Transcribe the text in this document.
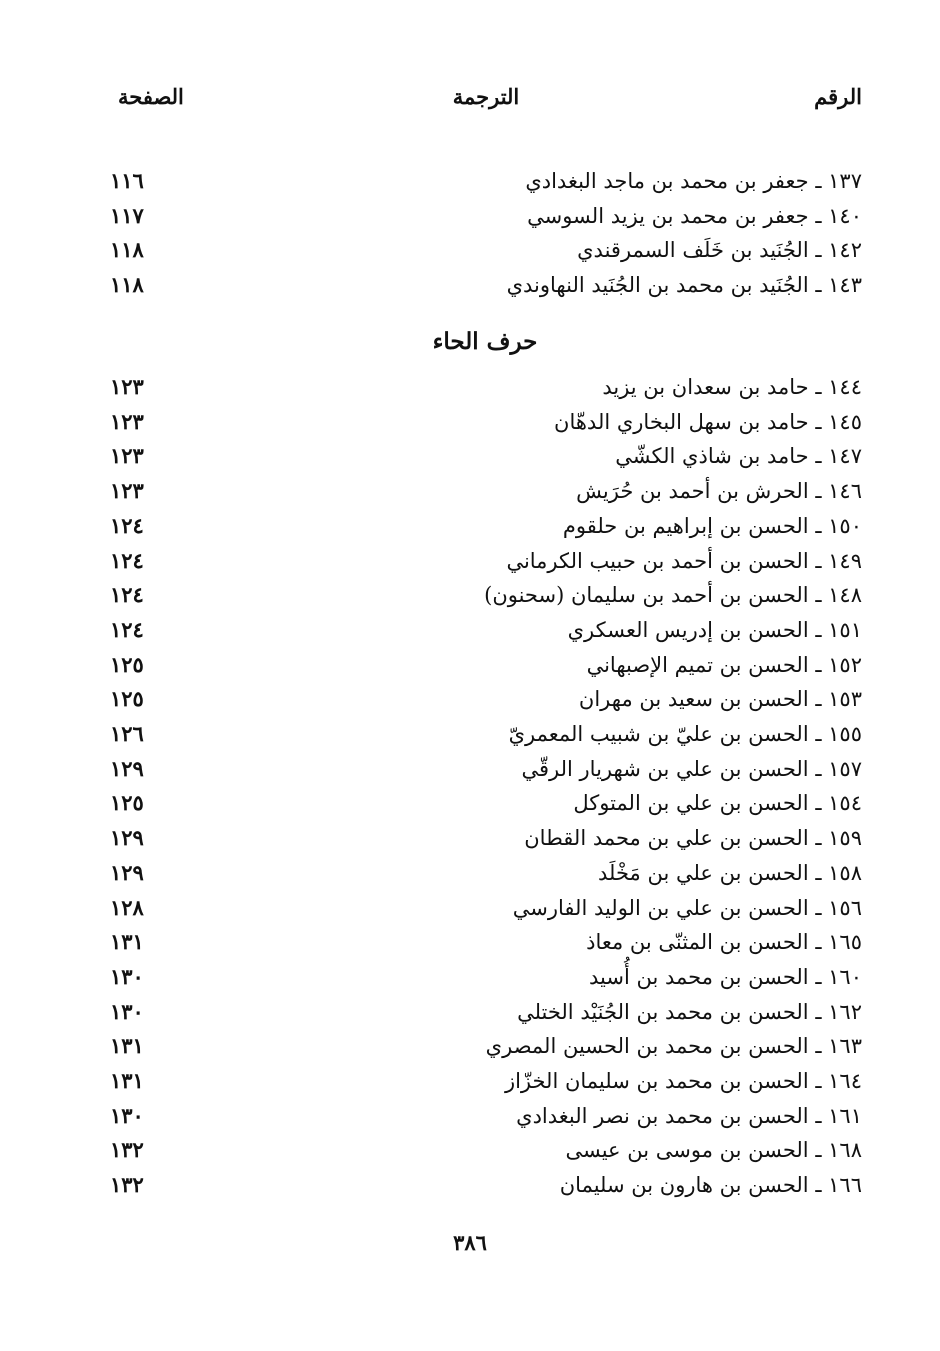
الرقم
الترجمة
الصفحة
١٣٧ ـ جعفر بن محمد بن ماجد البغدادي
١١٦
١٤٠ ـ جعفر بن محمد بن يزيد السوسي
١١٧
١٤٢ ـ الجُنَيد بن خَلَف السمرقندي
١١٨
١٤٣ ـ الجُنَيد بن محمد بن الجُنَيد النهاوندي
١١٨
حرف الحاء
١٤٤ ـ حامد بن سعدان بن يزيد
١٢٣
١٤٥ ـ حامد بن سهل البخاري الدهّان
١٢٣
١٤٧ ـ حامد بن شاذي الكشّي
١٢٣
١٤٦ ـ الحرش بن أحمد بن حُرَيش
١٢٣
١٥٠ ـ الحسن بن إبراهيم بن حلقوم
١٢٤
١٤٩ ـ الحسن بن أحمد بن حبيب الكرماني
١٢٤
١٤٨ ـ الحسن بن أحمد بن سليمان (سحنون)
١٢٤
١٥١ ـ الحسن بن إدريس العسكري
١٢٤
١٥٢ ـ الحسن بن تميم الإصبهاني
١٢٥
١٥٣ ـ الحسن بن سعيد بن مهران
١٢٥
١٥٥ ـ الحسن بن عليّ بن شبيب المعمريّ
١٢٦
١٥٧ ـ الحسن بن علي بن شهريار الرقّي
١٢٩
١٥٤ ـ الحسن بن علي بن المتوكل
١٢٥
١٥٩ ـ الحسن بن علي بن محمد القطان
١٢٩
١٥٨ ـ الحسن بن علي بن مَخْلَد
١٢٩
١٥٦ ـ الحسن بن علي بن الوليد الفارسي
١٢٨
١٦٥ ـ الحسن بن المثنّى بن معاذ
١٣١
١٦٠ ـ الحسن بن محمد بن أُسيد
١٣٠
١٦٢ ـ الحسن بن محمد بن الجُنَيْد الختلي
١٣٠
١٦٣ ـ الحسن بن محمد بن الحسين المصري
١٣١
١٦٤ ـ الحسن بن محمد بن سليمان الخزّاز
١٣١
١٦١ ـ الحسن بن محمد بن نصر البغدادي
١٣٠
١٦٨ ـ الحسن بن موسى بن عيسى
١٣٢
١٦٦ ـ الحسن بن هارون بن سليمان
١٣٢
٣٨٦
